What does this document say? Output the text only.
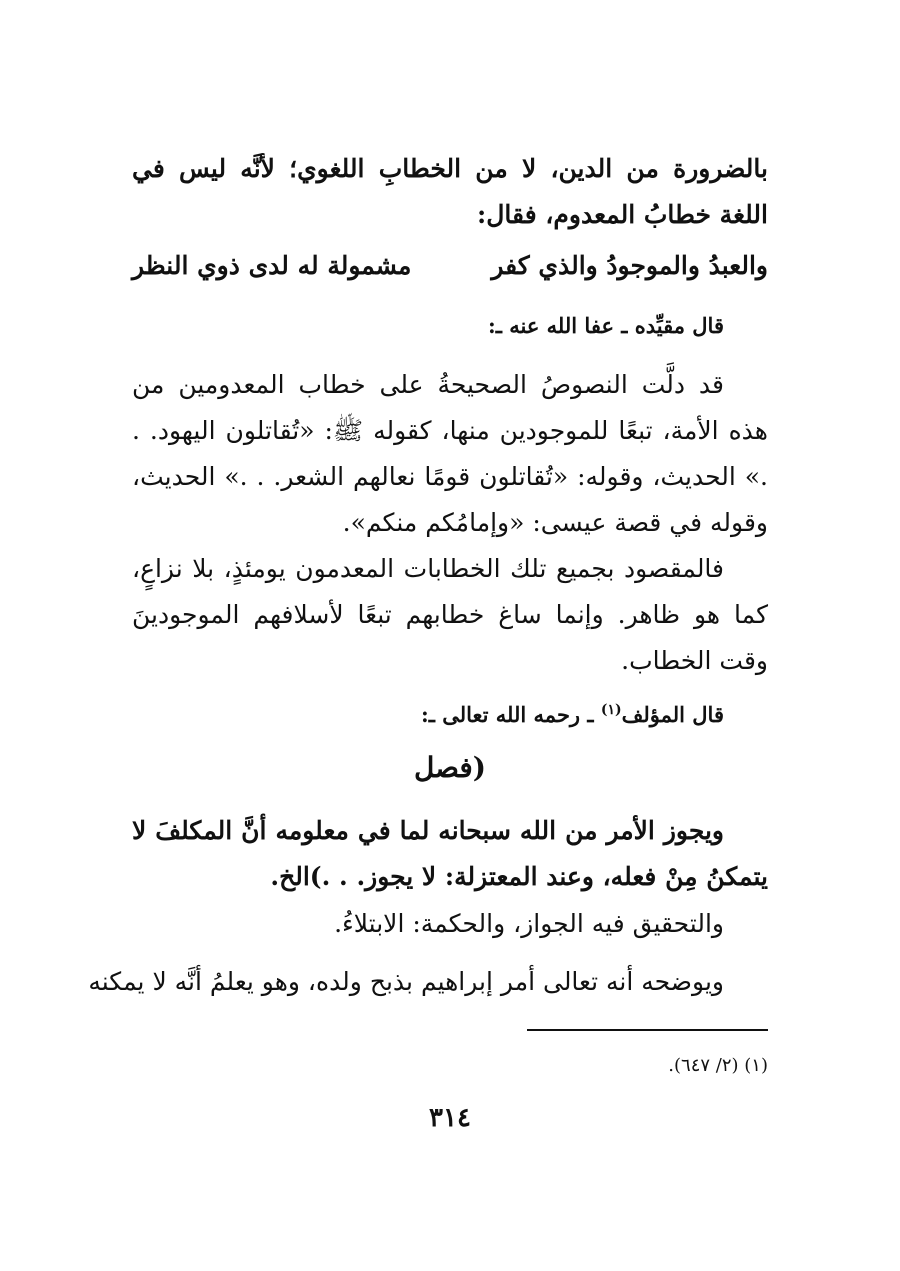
بالضرورة من الدين، لا من الخطابِ اللغوي؛ لأنَّه ليس في اللغة خطابُ المعدوم، فقال:
والعبدُ والموجودُ والذي كفر
مشمولة له لدى ذوي النظر
قال مقيِّده ـ عفا الله عنه ـ:
قد دلَّت النصوصُ الصحيحةُ على خطاب المعدومين من هذه الأمة، تبعًا للموجودين منها، كقوله ﷺ: «تُقاتلون اليهود. . .» الحديث، وقوله: «تُقاتلون قومًا نعالهم الشعر. . .» الحديث، وقوله في قصة عيسى: «وإمامُكم منكم».
فالمقصود بجميع تلك الخطابات المعدمون يومئذٍ، بلا نزاعٍ، كما هو ظاهر. وإنما ساغ خطابهم تبعًا لأسلافهم الموجودينَ وقت الخطاب.
قال المؤلف$^{(١)}$ ـ رحمه الله تعالى ـ:
(فصل
ويجوز الأمر من الله سبحانه لما في معلومه أنَّ المكلفَ لا يتمكنُ مِنْ فعله، وعند المعتزلة: لا يجوز. . .)الخ.
والتحقيق فيه الجواز، والحكمة: الابتلاءُ.
ويوضحه أنه تعالى أمر إبراهيم بذبح ولده، وهو يعلمُ أنَّه لا يمكنه
(١) (٢/ ٦٤٧).
٣١٤
